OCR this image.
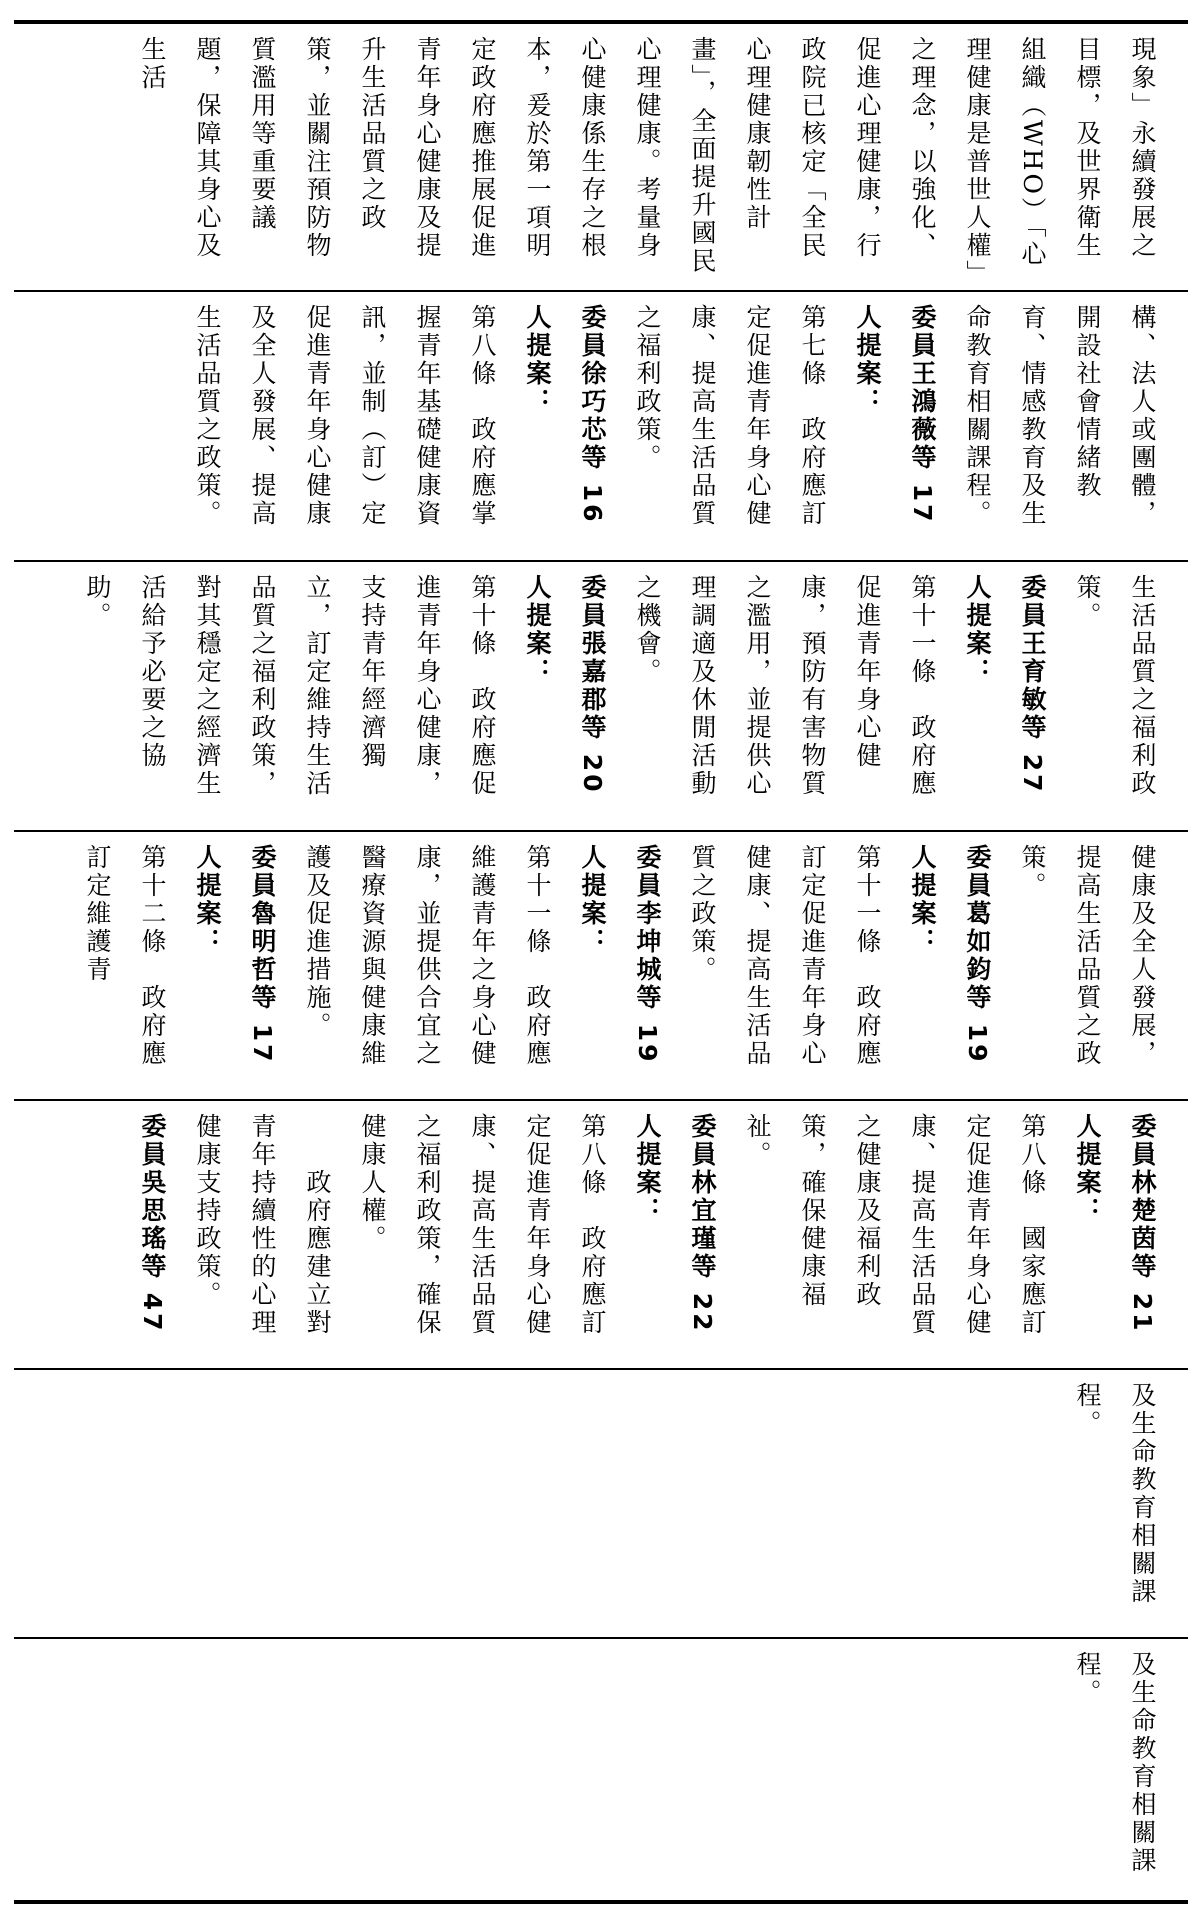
現象」永續發展之目標，及世界衛生組織（WHO）「心理健康是普世人權」之理念，以強化、促進心理健康，行政院已核定「全民心理健康韌性計畫」，全面提升國民心理健康。考量身心健康係生存之根本，爰於第一項明定政府應推展促進青年身心健康及提升生活品質之政策，並關注預防物質濫用等重要議題，保障其身心及生活
構、法人或團體，開設社會情緒教育、情感教育及生命教育相關課程。
委員王鴻薇等 17 人提案：
第七條　政府應訂定促進青年身心健康、提高生活品質之福利政策。
委員徐巧芯等 16 人提案：
第八條　政府應掌握青年基礎健康資訊，並制（訂）定促進青年身心健康及全人發展、提高生活品質之政策。
生活品質之福利政策。
委員王育敏等 27 人提案：
第十一條　政府應促進青年身心健康，預防有害物質之濫用，並提供心理調適及休閒活動之機會。
委員張嘉郡等 20 人提案：
第十條　政府應促進青年身心健康，支持青年經濟獨立，訂定維持生活品質之福利政策，對其穩定之經濟生活給予必要之協助。
健康及全人發展，提高生活品質之政策。
委員葛如鈞等 19 人提案：
第十一條　政府應訂定促進青年身心健康、提高生活品質之政策。
委員李坤城等 19 人提案：
第十一條　政府應維護青年之身心健康，並提供合宜之醫療資源與健康維護及促進措施。
委員魯明哲等 17 人提案：
第十二條　政府應訂定維護青
委員林楚茵等 21 人提案：
第八條　國家應訂定促進青年身心健康、提高生活品質之健康及福利政策，確保健康福祉。
委員林宜瑾等 22 人提案：
第八條　政府應訂定促進青年身心健康、提高生活品質之福利政策，確保健康人權。
　　政府應建立對青年持續性的心理健康支持政策。
委員吳思瑤等 47
及生命教育相關課程。
及生命教育相關課程。
